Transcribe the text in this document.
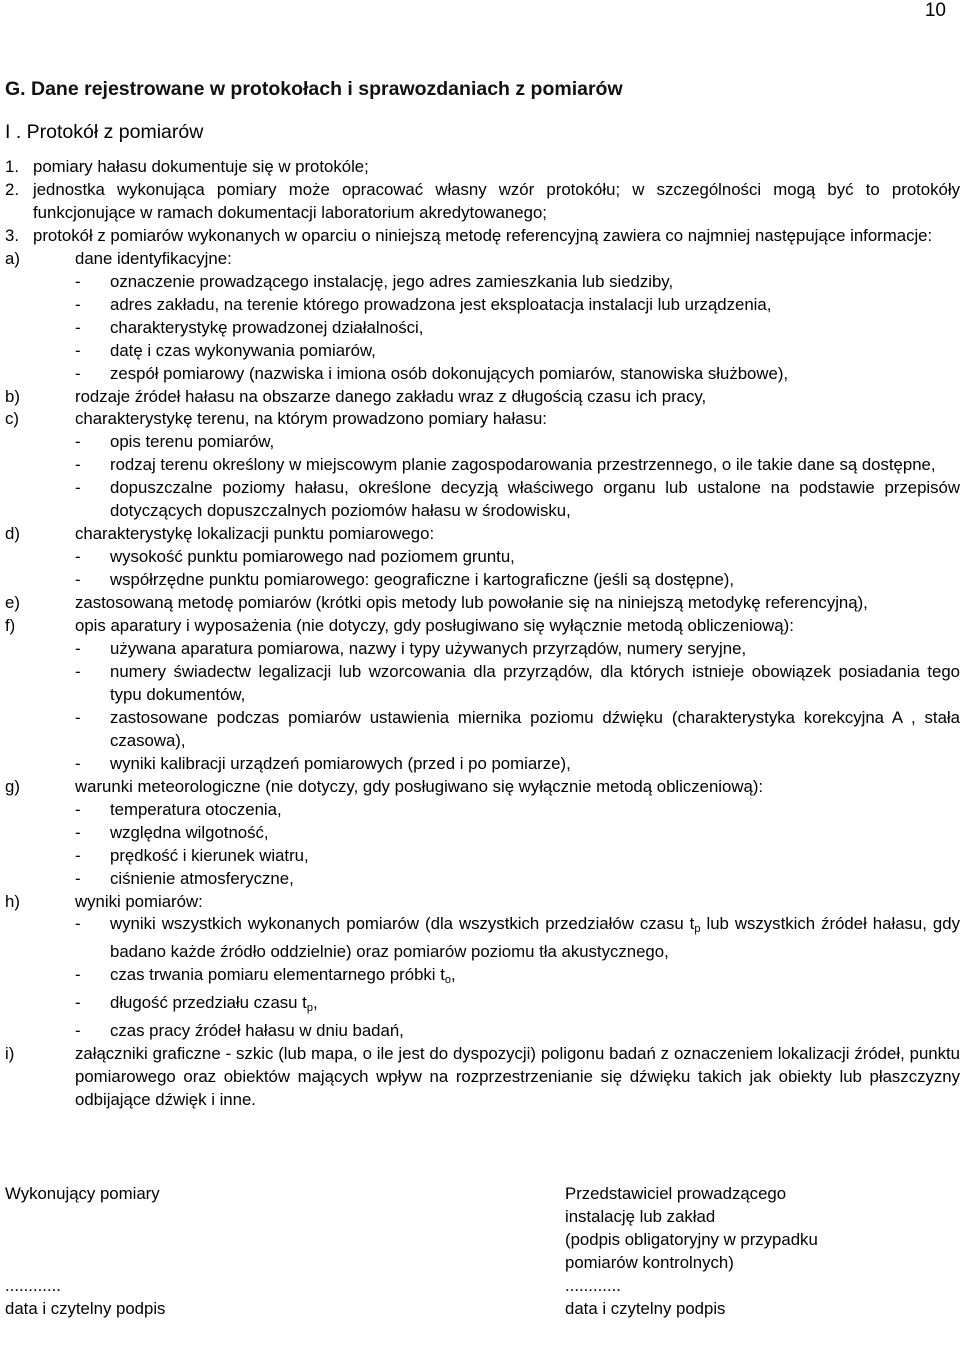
10
G. Dane rejestrowane w protokołach i sprawozdaniach z pomiarów
I . Protokół z pomiarów
1. pomiary hałasu dokumentuje się w protokóle;
2. jednostka wykonująca pomiary może opracować własny wzór protokółu; w szczególności mogą być to protokóły funkcjonujące w ramach dokumentacji laboratorium akredytowanego;
3. protokół z pomiarów wykonanych w oparciu o niniejszą metodę referencyjną zawiera co najmniej następujące informacje:
a)	dane identyfikacyjne:
-	oznaczenie prowadzącego instalację, jego adres zamieszkania lub siedziby,
-	adres zakładu, na terenie którego prowadzona jest eksploatacja instalacji lub urządzenia,
-	charakterystykę prowadzonej działalności,
-	datę i czas wykonywania pomiarów,
-	zespół pomiarowy (nazwiska i imiona osób dokonujących pomiarów, stanowiska służbowe),
b)	rodzaje źródeł hałasu na obszarze danego zakładu wraz z długością czasu ich pracy,
c)	charakterystykę terenu, na którym prowadzono pomiary hałasu:
-	opis terenu pomiarów,
-	rodzaj terenu określony w miejscowym planie zagospodarowania przestrzennego, o ile takie dane są dostępne,
-	dopuszczalne poziomy hałasu, określone decyzją właściwego organu lub ustalone na podstawie przepisów dotyczących dopuszczalnych poziomów hałasu w środowisku,
d)	charakterystykę lokalizacji punktu pomiarowego:
-	wysokość punktu pomiarowego nad poziomem gruntu,
-	współrzędne punktu pomiarowego: geograficzne i kartograficzne (jeśli są dostępne),
e)	zastosowaną metodę pomiarów (krótki opis metody lub powołanie się na niniejszą metodykę referencyjną),
f)	opis aparatury i wyposażenia (nie dotyczy, gdy posługiwano się wyłącznie metodą obliczeniową):
-	używana aparatura pomiarowa, nazwy i typy używanych przyrządów, numery seryjne,
-	numery świadectw legalizacji lub wzorcowania dla przyrządów, dla których istnieje obowiązek posiadania tego typu dokumentów,
-	zastosowane podczas pomiarów ustawienia miernika poziomu dźwięku (charakterystyka korekcyjna A , stała czasowa),
-	wyniki kalibracji urządzeń pomiarowych (przed i po pomiarze),
g)	warunki meteorologiczne (nie dotyczy, gdy posługiwano się wyłącznie metodą obliczeniową):
-	temperatura otoczenia,
-	względna wilgotność,
-	prędkość i kierunek wiatru,
-	ciśnienie atmosferyczne,
h)	wyniki pomiarów:
-	wyniki wszystkich wykonanych pomiarów (dla wszystkich przedziałów czasu $t_p$ lub wszystkich źródeł hałasu, gdy badano każde źródło oddzielnie) oraz pomiarów poziomu tła akustycznego,
-	czas trwania pomiaru elementarnego próbki $t_o$,
-	długość przedziału czasu $t_p$,
-	czas pracy źródeł hałasu w dniu badań,
i)	załączniki graficzne - szkic (lub mapa, o ile jest do dyspozycji) poligonu badań z oznaczeniem lokalizacji źródeł, punktu pomiarowego oraz obiektów mających wpływ na rozprzestrzenianie się dźwięku takich jak obiekty lub płaszczyzny odbijające dźwięk i inne.
Wykonujący pomiary
............
data i czytelny podpis
Przedstawiciel prowadzącego
instalację lub zakład
(podpis obligatoryjny w przypadku
pomiarów kontrolnych)
............
data i czytelny podpis
